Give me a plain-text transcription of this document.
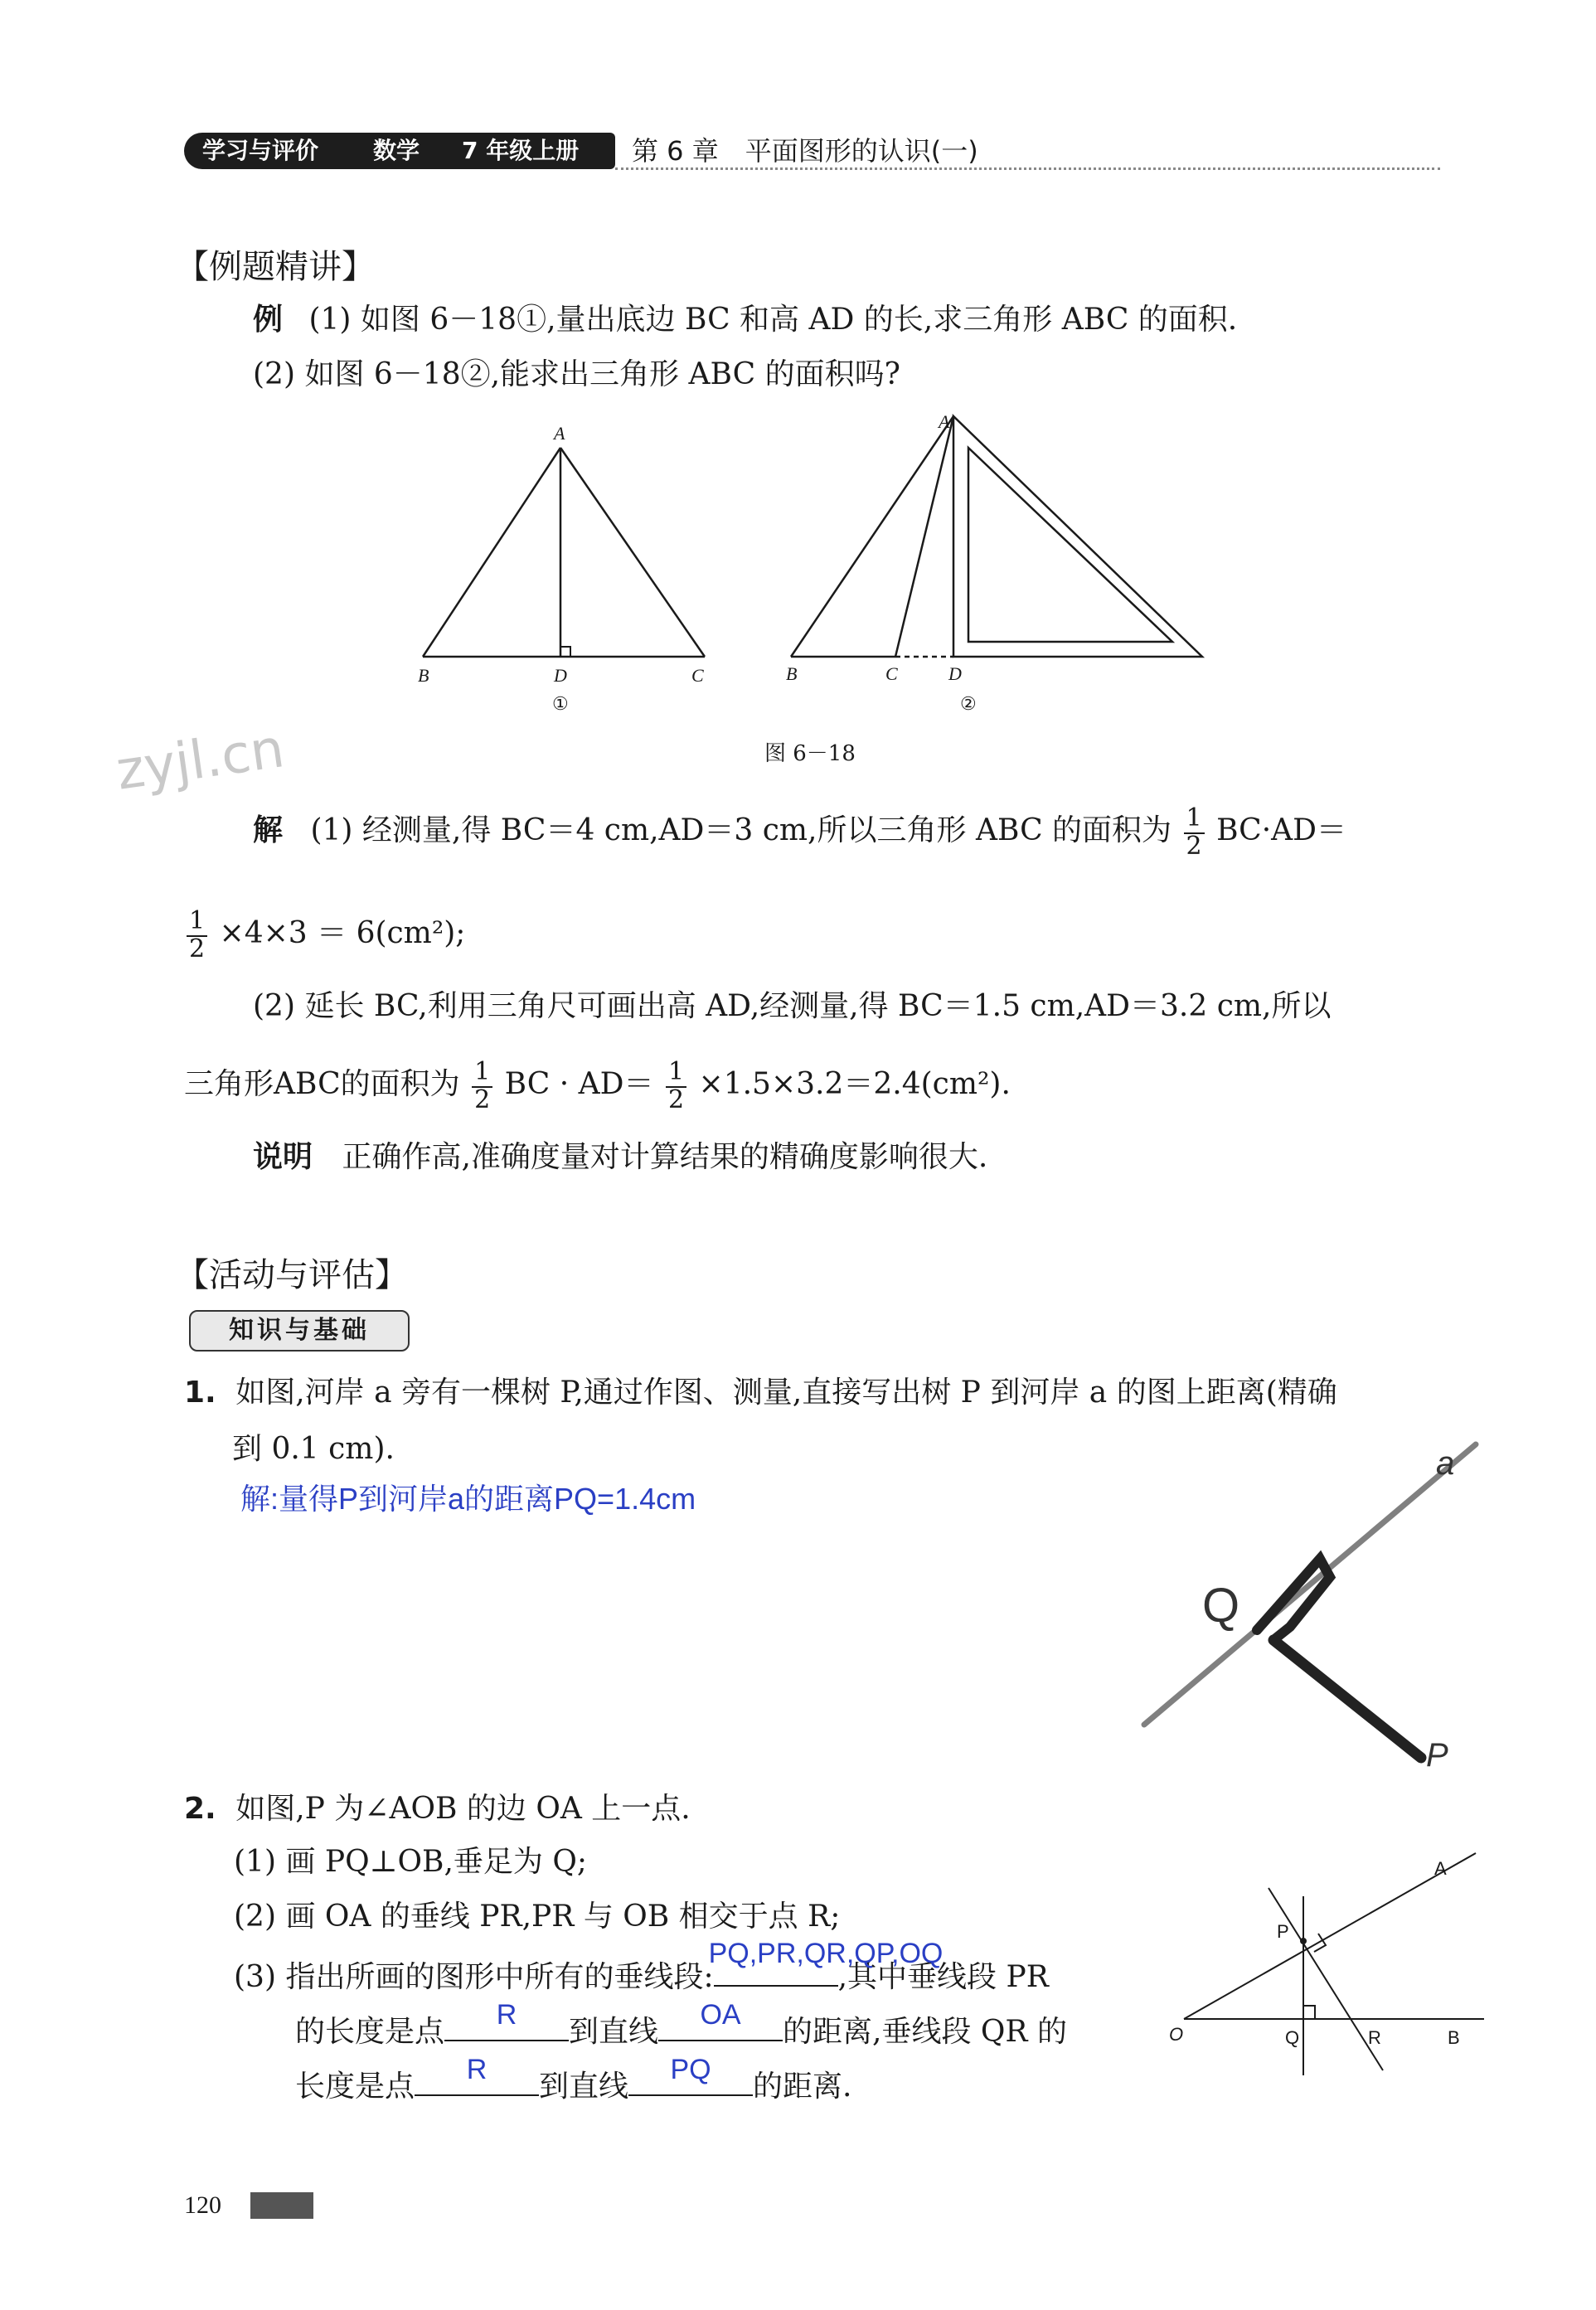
学习与评价 数学 7 年级上册 第 6 章　平面图形的认识(一)
【例题精讲】
例 (1) 如图 6－18①,量出底边 BC 和高 AD 的长,求三角形 ABC 的面积.
(2) 如图 6－18②,能求出三角形 ABC 的面积吗?
A
B	D	C
①
A
B	C	D
②
图 6－18
zyjl.cn
解 (1) 经测量,得 BC＝4 cm,AD＝3 cm,所以三角形 ABC 的面积为 $\frac{1}{2} BC\cdot AD=$
$\frac{1}{2} \times 4\times 3 = 6(cm^2)$;
(2) 延长 BC,利用三角尺可画出高 AD,经测量,得 BC＝1.5 cm,AD＝3.2 cm,所以
三角形ABC的面积为 $\frac{1}{2}$ BC · $AD= \frac{1}{2} \times 1.5\times 3.2=2.4(cm^2)$.
说明 正确作高,准确度量对计算结果的精确度影响很大.
【活动与评估】
知识与基础
1. 如图,河岸 a 旁有一棵树 P,通过作图、测量,直接写出树 P 到河岸 a 的图上距离(精确
到 0.1 cm).
解:量得P到河岸a的距离PQ=1.4cm
a
Q
P
2. 如图,P 为∠AOB 的边 OA 上一点.
(1) 画 PQ⊥OB,垂足为 Q;
(2) 画 OA 的垂线 PR,PR 与 OB 相交于点 R;
(3) 指出所画的图形中所有的垂线段:
PQ,PR,QR,QP,OQ
,其中垂线段 PR
的长度是点	R	到直线	OA	的距离,垂线段 QR 的
长度是点	R	到直线	PQ	的距离.
A
P
O	Q	R	B
120
